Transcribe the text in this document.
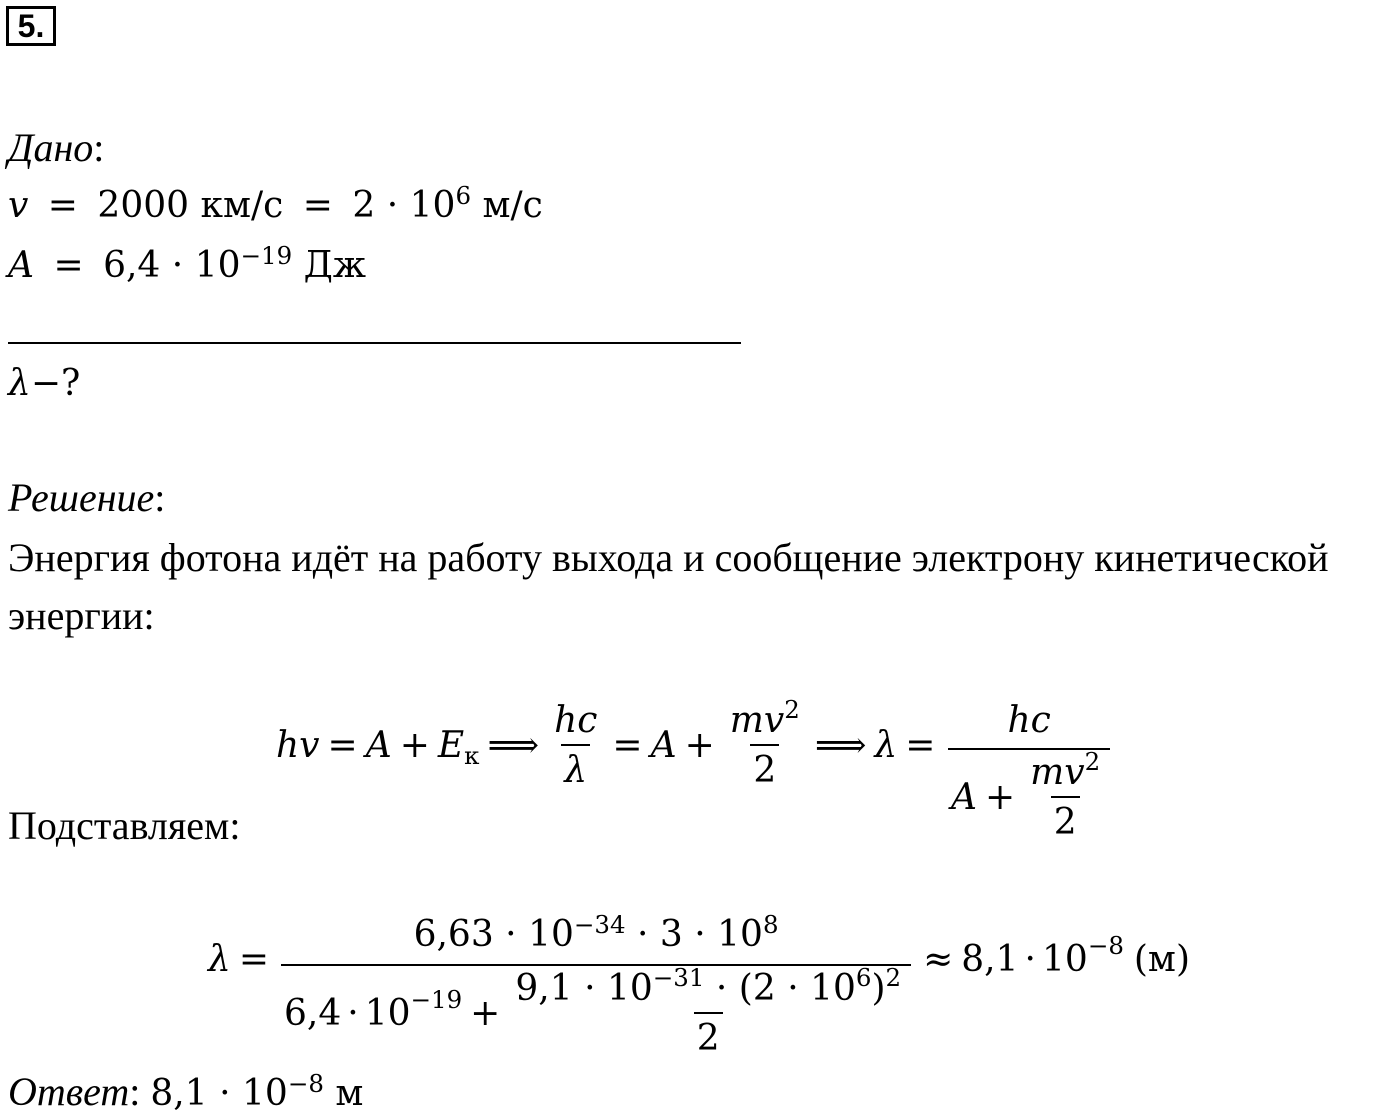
5.
Дано:
v = 2000 $км/с = 2 \cdot 10^6$ м/с
$A = 6,4 \cdot 10^{-19}$ Дж
λ−?
Решение:
Энергия фотона идёт на работу выхода и сообщение электрону кинетической
энергии:
hv = $A + E_к$ ⟹ $\frac{hc}{\lambda} = A + \frac{mv^2}{2}$ ⟹ $\lambda = \frac{hc}{A + \frac{mv^2}{2}}$
Подставляем:
λ =
$6,63 \cdot 10^{-34} \cdot 3 \cdot 10^8$
$6,4 \cdot 10^{-19}$ +
$9,1 \cdot 10^{-31} \cdot (2 \cdot 10^6)^2$
2
≈ $8,1 \cdot 10^{-8}$ (м)
Ответ: $8,1 \cdot 10^{-8}$ м
